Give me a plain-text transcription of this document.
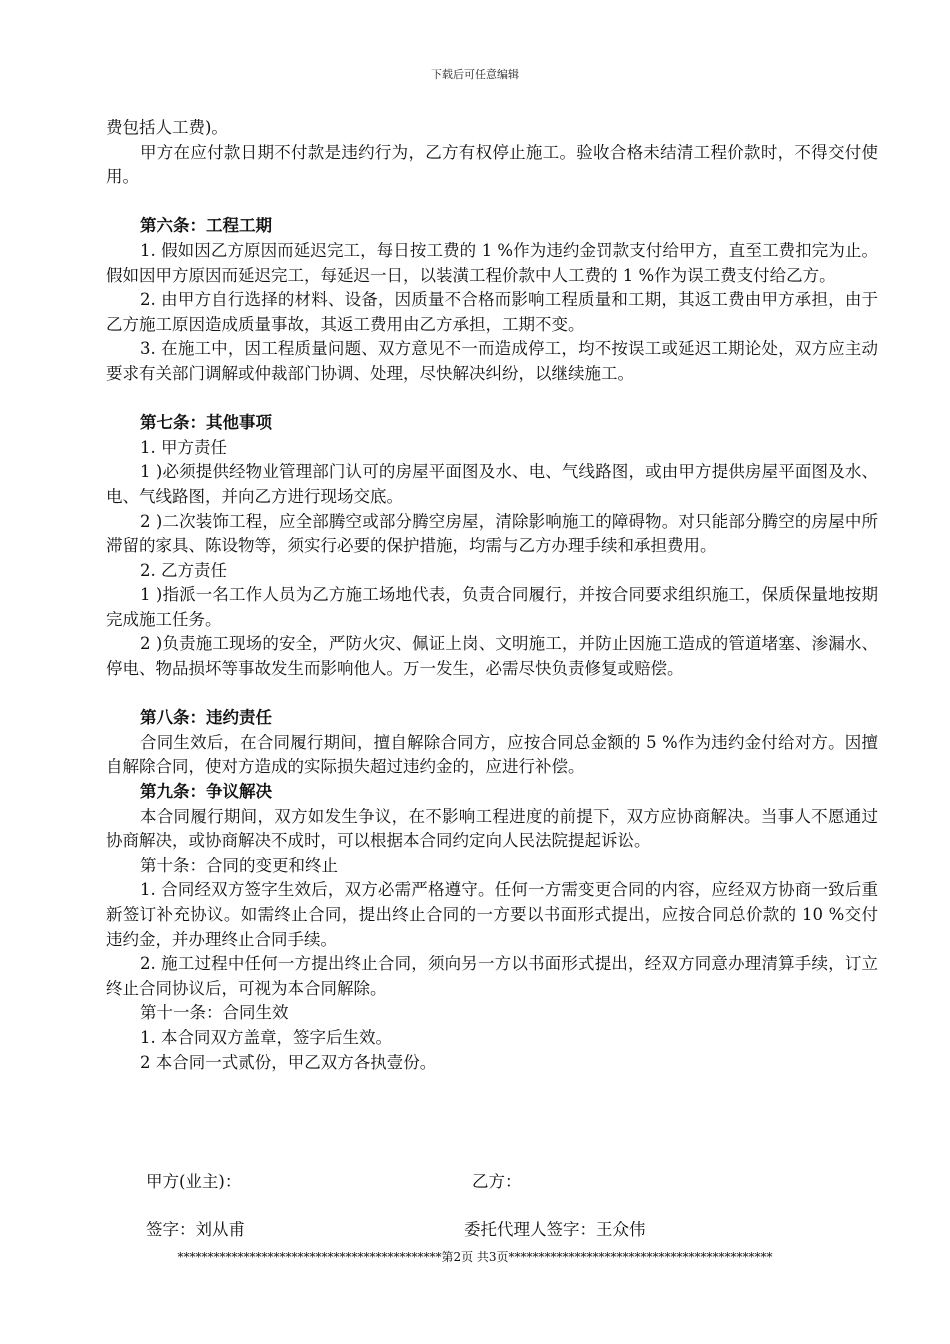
下载后可任意编辑
费包括人工费)。
甲方在应付款日期不付款是违约行为，乙方有权停止施工。验收合格未结清工程价款时，不得交付使用。
第六条：工程工期
1. 假如因乙方原因而延迟完工，每日按工费的 1 %作为违约金罚款支付给甲方，直至工费扣完为止。假如因甲方原因而延迟完工，每延迟一日，以装潢工程价款中人工费的 1 %作为误工费支付给乙方。
2. 由甲方自行选择的材料、设备，因质量不合格而影响工程质量和工期，其返工费由甲方承担，由于乙方施工原因造成质量事故，其返工费用由乙方承担，工期不变。
3. 在施工中，因工程质量问题、双方意见不一而造成停工，均不按误工或延迟工期论处，双方应主动要求有关部门调解或仲裁部门协调、处理，尽快解决纠纷，以继续施工。
第七条：其他事项
1. 甲方责任
1 )必须提供经物业管理部门认可的房屋平面图及水、电、气线路图，或由甲方提供房屋平面图及水、电、气线路图，并向乙方进行现场交底。
2 )二次装饰工程，应全部腾空或部分腾空房屋，清除影响施工的障碍物。对只能部分腾空的房屋中所滞留的家具、陈设物等，须实行必要的保护措施，均需与乙方办理手续和承担费用。
2. 乙方责任
1 )指派一名工作人员为乙方施工场地代表，负责合同履行，并按合同要求组织施工，保质保量地按期完成施工任务。
2 )负责施工现场的安全，严防火灾、佩证上岗、文明施工，并防止因施工造成的管道堵塞、渗漏水、停电、物品损坏等事故发生而影响他人。万一发生，必需尽快负责修复或赔偿。
第八条：违约责任
合同生效后，在合同履行期间，擅自解除合同方，应按合同总金额的 5 %作为违约金付给对方。因擅自解除合同，使对方造成的实际损失超过违约金的，应进行补偿。
第九条：争议解决
本合同履行期间，双方如发生争议，在不影响工程进度的前提下，双方应协商解决。当事人不愿通过协商解决，或协商解决不成时，可以根据本合同约定向人民法院提起诉讼。
第十条：合同的变更和终止
1. 合同经双方签字生效后，双方必需严格遵守。任何一方需变更合同的内容，应经双方协商一致后重新签订补充协议。如需终止合同，提出终止合同的一方要以书面形式提出，应按合同总价款的 10 %交付违约金，并办理终止合同手续。
2. 施工过程中任何一方提出终止合同，须向另一方以书面形式提出，经双方同意办理清算手续，订立终止合同协议后，可视为本合同解除。
第十一条：合同生效
1. 本合同双方盖章，签字后生效。
2 本合同一式贰份，甲乙双方各执壹份。
甲方(业主)：	乙方：
签字：刘从甫	委托代理人签字：王众伟
********************************************第2页 共3页********************************************
